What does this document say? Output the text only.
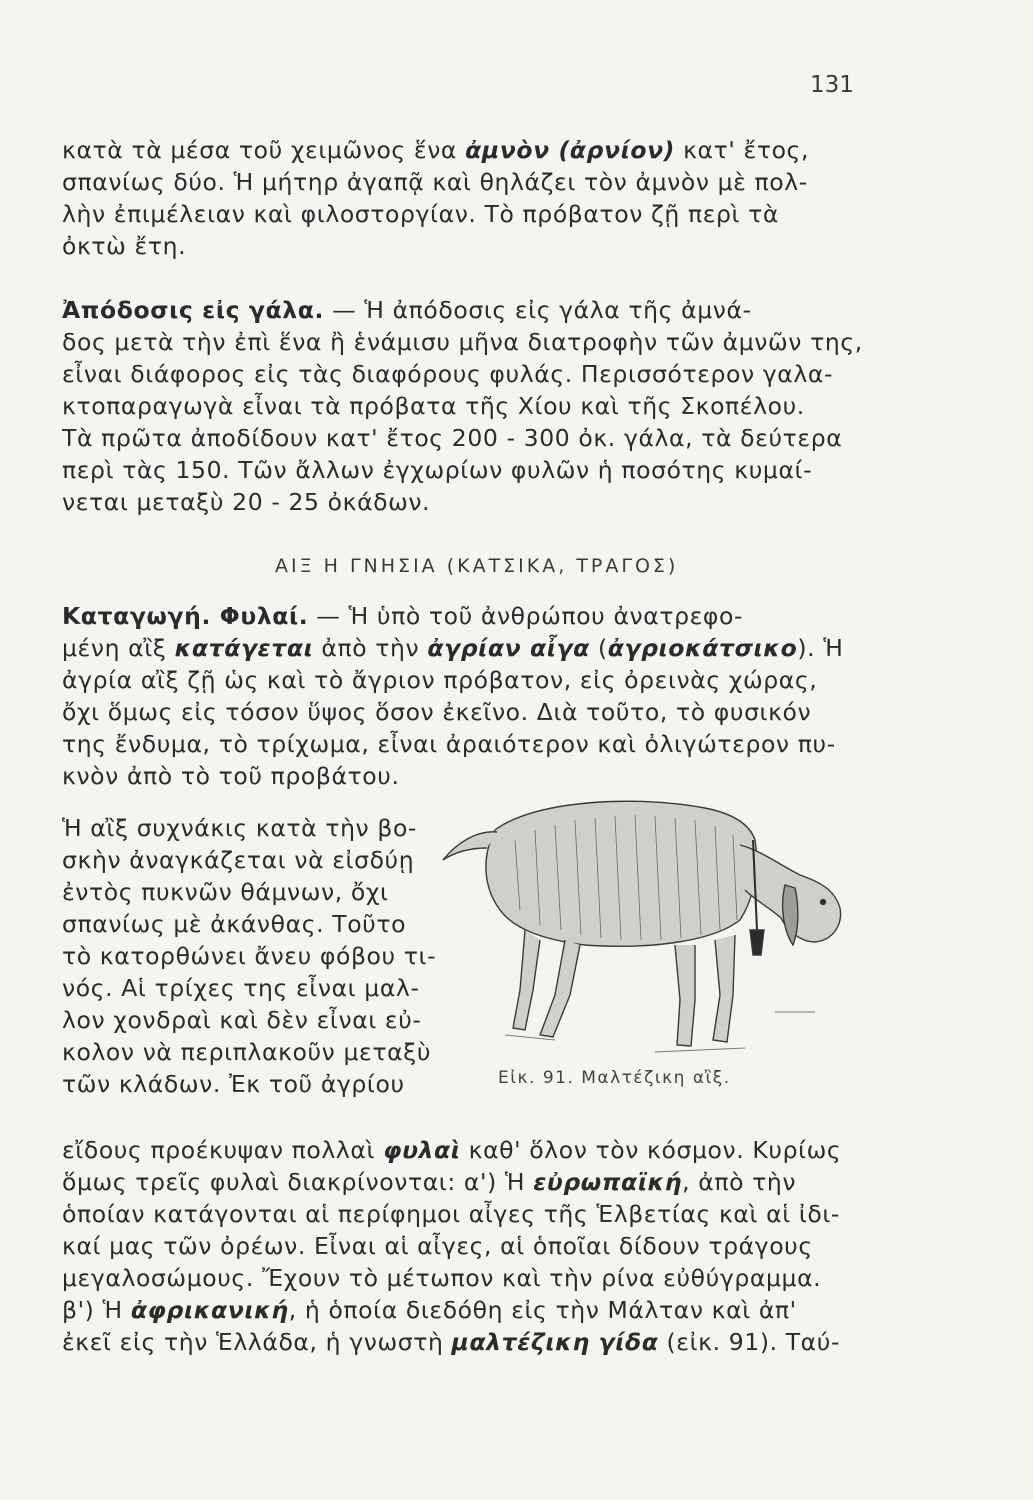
131
κατὰ τὰ μέσα τοῦ χειμῶνος ἕνα ἀμνὸν (ἀρνίον) κατ' ἔτος,
σπανίως δύο. Ἡ μήτηρ ἀγαπᾷ καὶ θηλάζει τὸν ἀμνὸν μὲ πολ-
λὴν ἐπιμέλειαν καὶ φιλοστοργίαν. Τὸ πρόβατον ζῇ περὶ τὰ
ὀκτὼ ἔτη.
Ἀπόδοσις εἰς γάλα. — Ἡ ἀπόδοσις εἰς γάλα τῆς ἀμνά-
δος μετὰ τὴν ἐπὶ ἕνα ἢ ἑνάμισυ μῆνα διατροφὴν τῶν ἀμνῶν της,
εἶναι διάφορος εἰς τὰς διαφόρους φυλάς. Περισσότερον γαλα-
κτοπαραγωγὰ εἶναι τὰ πρόβατα τῆς Χίου καὶ τῆς Σκοπέλου.
Τὰ πρῶτα ἀποδίδουν κατ' ἔτος 200 - 300 ὀκ. γάλα, τὰ δεύτερα
περὶ τὰς 150. Τῶν ἄλλων ἐγχωρίων φυλῶν ἡ ποσότης κυμαί-
νεται μεταξὺ 20 - 25 ὀκάδων.
ΑΙΞ Η ΓΝΗΣΙΑ (ΚΑΤΣΙΚΑ, ΤΡΑΓΟΣ)
Καταγωγή. Φυλαί. — Ἡ ὑπὸ τοῦ ἀνθρώπου ἀνατρεφο-
μένη αἲξ κατάγεται ἀπὸ τὴν ἀγρίαν αἶγα (ἀγριοκάτσικο). Ἡ
ἀγρία αἲξ ζῇ ὡς καὶ τὸ ἄγριον πρόβατον, εἰς ὀρεινὰς χώρας,
ὄχι ὅμως εἰς τόσον ὕψος ὅσον ἐκεῖνο. Διὰ τοῦτο, τὸ φυσικόν
της ἔνδυμα, τὸ τρίχωμα, εἶναι ἀραιότερον καὶ ὀλιγώτερον πυ-
κνὸν ἀπὸ τὸ τοῦ προβάτου.
Ἡ αἲξ συχνάκις κατὰ τὴν βο-
σκὴν ἀναγκάζεται νὰ εἰσδύῃ
ἐντὸς πυκνῶν θάμνων, ὄχι
σπανίως μὲ ἀκάνθας. Τοῦτο
τὸ κατορθώνει ἄνευ φόβου τι-
νός. Αἱ τρίχες της εἶναι μαλ-
λον χονδραὶ καὶ δὲν εἶναι εὐ-
κολον νὰ περιπλακοῦν μεταξὺ
τῶν κλάδων. Ἐκ τοῦ ἀγρίου	Εἰκ. 91. Μαλτέζικη αἲξ.
εἴδους προέκυψαν πολλαὶ φυλαὶ καθ' ὅλον τὸν κόσμον. Κυρίως
ὅμως τρεῖς φυλαὶ διακρίνονται: α') Ἡ εὐρωπαϊκή, ἀπὸ τὴν
ὁποίαν κατάγονται αἱ περίφημοι αἶγες τῆς Ἑλβετίας καὶ αἱ ἰδι-
καί μας τῶν ὀρέων. Εἶναι αἱ αἶγες, αἱ ὁποῖαι δίδουν τράγους
μεγαλοσώμους. Ἔχουν τὸ μέτωπον καὶ τὴν ρίνα εὐθύγραμμα.
β') Ἡ ἀφρικανική, ἡ ὁποία διεδόθη εἰς τὴν Μάλταν καὶ ἀπ'
ἐκεῖ εἰς τὴν Ἑλλάδα, ἡ γνωστὴ μαλτέζικη γίδα (εἰκ. 91). Ταύ-
